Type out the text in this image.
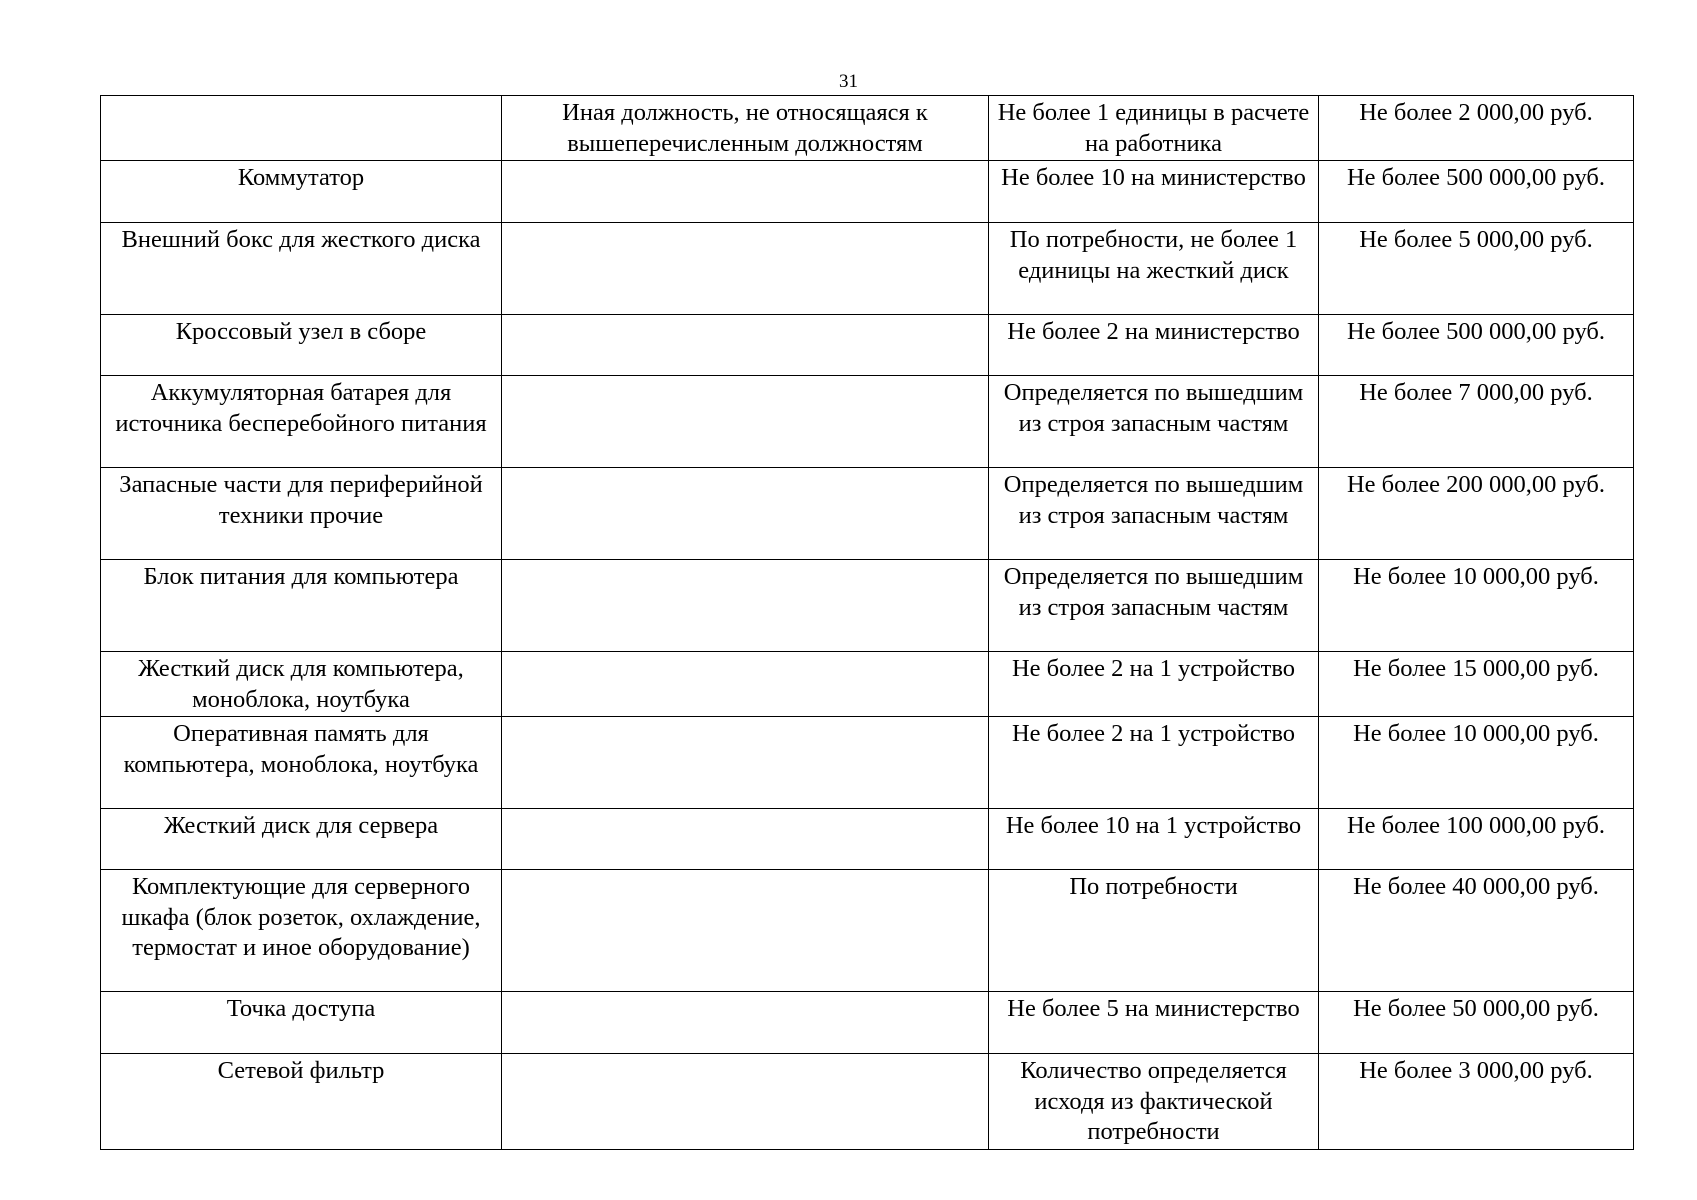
31
	Иная должность, не относящаяся к вышеперечисленным должностям	Не более 1 единицы в расчете на работника	Не более 2 000,00 руб.
Коммутатор		Не более 10 на министерство	Не более 500 000,00 руб.
Внешний бокс для жесткого диска		По потребности, не более 1 единицы на жесткий диск	Не более 5 000,00 руб.
Кроссовый узел в сборе		Не более 2 на министерство	Не более 500 000,00 руб.
Аккумуляторная батарея для источника бесперебойного питания		Определяется по вышедшим из строя запасным частям	Не более 7 000,00 руб.
Запасные части для периферийной техники прочие		Определяется по вышедшим из строя запасным частям	Не более 200 000,00 руб.
Блок питания для компьютера		Определяется по вышедшим из строя запасным частям	Не более 10 000,00 руб.
Жесткий диск для компьютера, моноблока, ноутбука		Не более 2 на 1 устройство	Не более 15 000,00 руб.
Оперативная память для компьютера, моноблока, ноутбука		Не более 2 на 1 устройство	Не более 10 000,00 руб.
Жесткий диск для сервера		Не более 10 на 1 устройство	Не более 100 000,00 руб.
Комплектующие для серверного шкафа (блок розеток, охлаждение, термостат и иное оборудование)		По потребности	Не более 40 000,00 руб.
Точка доступа		Не более 5 на министерство	Не более 50 000,00 руб.
Сетевой фильтр		Количество определяется исходя из фактической потребности	Не более 3 000,00 руб.
